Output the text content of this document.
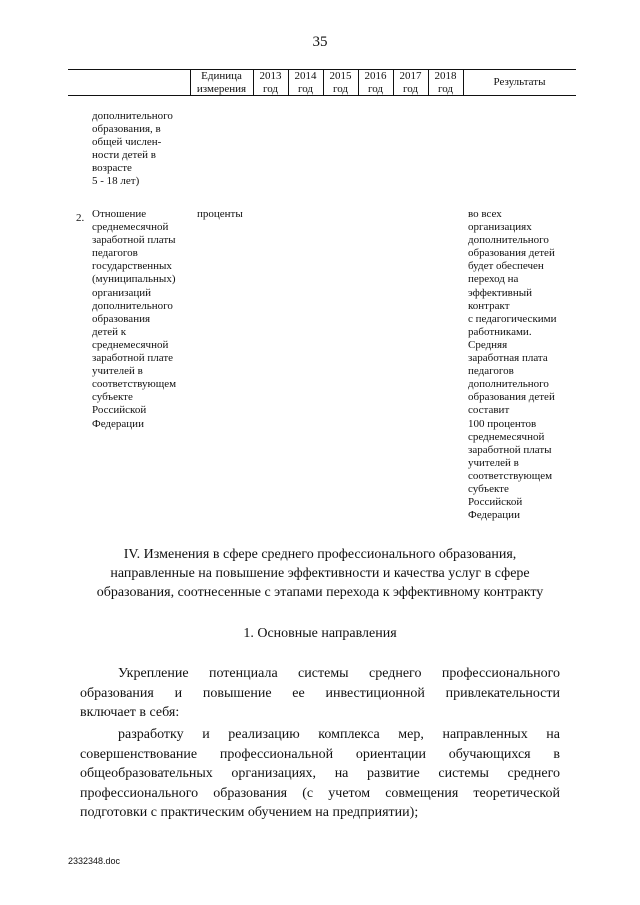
35
Единица
измерения
2013
год
2014
год
2015
год
2016
год
2017
год
2018
год
Результаты
дополнительного
образования, в
общей числен-
ности детей в
возрасте
5 - 18 лет)
2. Отношение
среднемесячной
заработной платы
педагогов
государственных
(муниципальных)
организаций
дополнительного
образования
детей к
среднемесячной
заработной плате
учителей в
соответствующем
субъекте
Российской
Федерации
проценты	во всех
организациях
дополнительного
образования детей
будет обеспечен
переход на
эффективный
контракт
с педагогическими
работниками.
Средняя
заработная плата
педагогов
дополнительного
образования детей
составит
100 процентов
среднемесячной
заработной платы
учителей в
соответствующем
субъекте
Российской
Федерации
IV. Изменения в сфере среднего профессионального образования,
направленные на повышение эффективности и качества услуг в сфере
образования, соотнесенные с этапами перехода к эффективному контракту
1. Основные направления
Укрепление потенциала системы среднего профессионального
образования и повышение ее инвестиционной привлекательности
включает в себя:
разработку и реализацию комплекса мер, направленных на
совершенствование профессиональной ориентации обучающихся в
общеобразовательных организациях, на развитие системы среднего
профессионального образования (с учетом совмещения теоретической
подготовки с практическим обучением на предприятии);
2332348.doc
